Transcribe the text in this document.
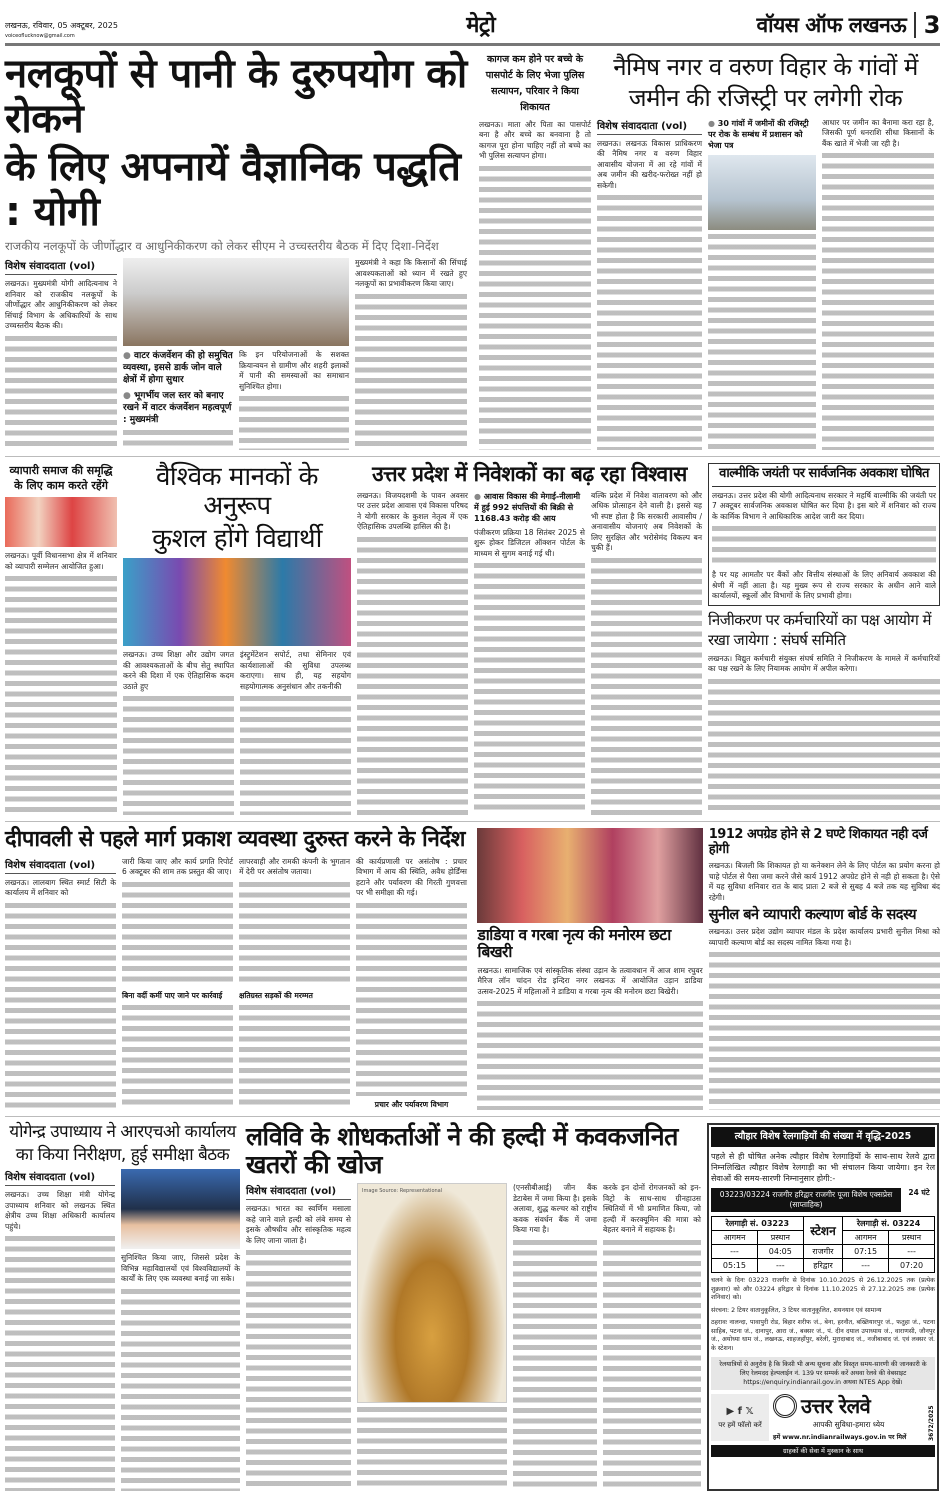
लखनऊ, रविवार, 05 अक्टूबर, 2025
voiceoflucknow@gmail.com	मेट्रो	वॉयस ऑफ लखनऊ 3
नलकूपों से पानी के दुरुपयोग को रोकने
के लिए अपनायें वैज्ञानिक पद्धति : योगी
राजकीय नलकूपों के जीर्णोद्धार व आधुनिकीकरण को लेकर सीएम ने उच्चस्तरीय बैठक में दिए दिशा-निर्देश
विशेष संवाददाता (vol)
लखनऊ। मुख्यमंत्री योगी आदित्यनाथ ने शनिवार को राजकीय नलकूपों के जीर्णोद्धार और आधुनिकीकरण को लेकर सिंचाई विभाग के अधिकारियों के साथ उच्चस्तरीय बैठक की।
● वाटर कंजर्वेशन की हो समुचित व्यवस्था, इससे डार्क जोन वाले क्षेत्रों में होगा सुधार
● भूगर्भीय जल स्तर को बनाए रखने में वाटर कंजर्वेशन महत्वपूर्ण : मुख्यमंत्री
कि इन परियोजनाओं के सशक्त क्रियान्वयन से ग्रामीण और शहरी इलाकों में पानी की समस्याओं का समाधान सुनिश्चित होगा।
मुख्यमंत्री ने कहा कि किसानों की सिंचाई आवश्यकताओं को ध्यान में रखते हुए नलकूपों का प्रभावीकरण किया जाए।
कागज कम होने पर बच्चे के पासपोर्ट के लिए भेजा पुलिस सत्यापन, परिवार ने किया शिकायत
लखनऊ। माता और पिता का पासपोर्ट बना है और बच्चे का बनवाना है तो कागज पूरा होना चाहिए नहीं तो बच्चे का भी पुलिस सत्यापन होगा।
नैमिष नगर व वरुण विहार के गांवों में जमीन की रजिस्ट्री पर लगेगी रोक
विशेष संवाददाता (vol)
लखनऊ। लखनऊ विकास प्राधिकरण की नैमिष नगर व वरुण विहार आवासीय योजना में आ रहे गांवों में अब जमीन की खरीद-फरोख्त नहीं हो सकेगी।
● 30 गांवों में जमीनों की रजिस्ट्री पर रोक के सम्बंध में प्रशासन को भेजा पत्र
आधार पर जमीन का बैनामा करा रहा है, जिसकी पूर्ण धनराशि सीधा किसानों के बैंक खाते में भेजी जा रही है।
व्यापारी समाज की समृद्धि के लिए काम करते रहेंगे
लखनऊ। पूर्वी विधानसभा क्षेत्र में शनिवार को व्यापारी सम्मेलन आयोजित हुआ।
वैश्विक मानकों के अनुरूप
कुशल होंगे विद्यार्थी
लखनऊ। उच्च शिक्षा और उद्योग जगत की आवश्यकताओं के बीच सेतु स्थापित करने की दिशा में एक ऐतिहासिक कदम उठाते हुए
इंस्ट्रुमेंटेशन सपोर्ट, तथा सेमिनार एवं कार्यशालाओं की सुविधा उपलब्ध कराएगा। साथ ही, यह सहयोग सहयोगात्मक अनुसंधान और तकनीकी
उत्तर प्रदेश में निवेशकों का बढ़ रहा विश्वास
लखनऊ। विजयदशमी के पावन अवसर पर उत्तर प्रदेश आवास एवं विकास परिषद ने योगी सरकार के कुशल नेतृत्व में एक ऐतिहासिक उपलब्धि हासिल की है।
● आवास विकास की मेगाई-नीलामी में हुई 992 संपत्तियों की बिक्री से 1168.43 करोड़ की आय
पंजीकरण प्रक्रिया 18 सितंबर 2025 से शुरू होकर डिजिटल ऑक्शन पोर्टल के माध्यम से सुगम बनाई गई थी।
बल्कि प्रदेश में निवेश वातावरण को और अधिक प्रोत्साहन देने वाली है। इससे यह भी स्पष्ट होता है कि सरकारी आवासीय / अनावासीय योजनाएं अब निवेशकों के लिए सुरक्षित और भरोसेमंद विकल्प बन चुकी हैं।
वाल्मीकि जयंती पर सार्वजनिक अवकाश घोषित
लखनऊ। उत्तर प्रदेश की योगी आदित्यनाथ सरकार ने महर्षि वाल्मीकि की जयंती पर 7 अक्टूबर सार्वजनिक अवकाश घोषित कर दिया है। इस बारे में शनिवार को राज्य के कार्मिक विभाग ने आधिकारिक आदेश जारी कर दिया।
है पर यह आमतौर पर बैंकों और वित्तीय संस्थाओं के लिए अनिवार्य अवकाश की श्रेणी में नहीं आता है। यह मुख्य रूप से राज्य सरकार के अधीन आने वाले कार्यालयों, स्कूलों और विभागों के लिए प्रभावी होगा।
निजीकरण पर कर्मचारियों का पक्ष आयोग में रखा जायेगा : संघर्ष समिति
लखनऊ। विद्युत कर्मचारी संयुक्त संघर्ष समिति ने निजीकरण के मामले में कर्मचारियों का पक्ष रखने के लिए नियामक आयोग में अपील करेगा।
दीपावली से पहले मार्ग प्रकाश व्यवस्था दुरुस्त करने के निर्देश
विशेष संवाददाता (vol)
लखनऊ। लालबाग स्थित स्मार्ट सिटी के कार्यालय में शनिवार को
जारी किया जाए और कार्य प्रगति रिपोर्ट 6 अक्टूबर की शाम तक प्रस्तुत की जाए।
बिना वर्दी कर्मी पाए जाने पर कार्रवाई
लापरवाही और रामकी कंपनी के भुगतान में देरी पर असंतोष जताया।
क्षतिग्रस्त सड़कों की मरम्मत
की कार्यप्रणाली पर असंतोष : प्रचार विभाग में आय की स्थिति, अवैध होर्डिंग्स हटाने और पर्यावरण की गिरती गुणवत्ता पर भी समीक्षा की गई।
प्रचार और पर्यावरण विभाग
डाडिया व गरबा नृत्य की मनोरम छटा बिखरी
लखनऊ। सामाजिक एवं सांस्कृतिक संस्था उड़ान के तत्वावधान में आज शाम रघुवर मैरिज लॉन चांदन रोड इन्दिरा नगर लखनऊ में आयोजित उड़ान डाडिया उत्सव-2025 में महिलाओं ने डाडिया व गरबा नृत्य की मनोरम छटा बिखेरी।
1912 अपग्रेड होने से 2 घण्टे शिकायत नही दर्ज होगी
लखनऊ। बिजली कि शिकायत हो या कनेक्शन लेने के लिए पोर्टल का प्रयोग करना हो चाहे पोर्टल से पैसा जमा करने जैसे कार्य 1912 अपग्रेट होने से नही हो सकता है। ऐसे में यह सुविधा शनिवार रात के बाद प्रातः 2 बजे से सुबह 4 बजे तक यह सुविधा बंद रहेगी।
सुनील बने व्यापारी कल्याण बोर्ड के सदस्य
लखनऊ। उत्तर प्रदेश उद्योग व्यापार मंडल के प्रदेश कार्यालय प्रभारी सुनील मिश्रा को व्यापारी कल्याण बोर्ड का सदस्य नामित किया गया है।
योगेन्द्र उपाध्याय ने आरएचओ कार्यालय
का किया निरीक्षण, हुई समीक्षा बैठक
विशेष संवाददाता (vol)
लखनऊ। उच्च शिक्षा मंत्री योगेन्द्र उपाध्याय शनिवार को लखनऊ स्थित क्षेत्रीय उच्च शिक्षा अधिकारी कार्यालय पहुंचे।
सुनिश्चित किया जाए, जिससे प्रदेश के विभिन्न महाविद्यालयों एवं विश्वविद्यालयों के कार्यों के लिए एक व्यवस्था बनाई जा सके।
लविवि के शोधकर्ताओं ने की हल्दी में कवकजनित खतरों की खोज
विशेष संवाददाता (vol)
लखनऊ। भारत का स्वर्णिम मसाला कहे जाने वाले हल्दी को लंबे समय से इसके औषधीय और सांस्कृतिक महत्व के लिए जाना जाता है।
Image Source: Representational	(एनसीबीआई) जीन बैंक डेटाबेस में जमा किया है। इसके अलावा, शुद्ध कल्चर को राष्ट्रीय कवक संवर्धन बैंक में जमा किया गया है।
करके इन दोनों रोगजनकों को इन-विट्रो के साथ-साथ ग्रीनहाउस स्थितियों में भी प्रमाणित किया, जो हल्दी में करक्यूमिन की मात्रा को बेहतर बनाने में सहायक है।
त्यौहार विशेष रेलगाड़ियों की संख्या में वृद्धि-2025
पहले से ही घोषित अनेक त्यौहार विशेष रेलगाड़ियों के साथ-साथ रेलवे द्वारा निम्नलिखित त्यौहार विशेष रेलगाड़ी का भी संचालन किया जायेगा। इन रेल सेवाओं की समय-सारणी निम्नानुसार होगी:-
03223/03224 राजगीर हरिद्वार राजगीर पूजा विशेष एक्सप्रेस (साप्ताहिक)
24 घंटे
रेलगाड़ी सं. 03223		स्टेशन	रेलगाड़ी सं. 03224	
आगमन	प्रस्थान		आगमन	प्रस्थान
---	04:05	राजगीर	07:15	---
05:15	---	हरिद्वार	---	07:20
चलने के दिनः 03223 राजगीर से दिनांक 10.10.2025 से 26.12.2025 तक (प्रत्येक शुक्रवार) को और 03224 हरिद्वार से दिनांक 11.10.2025 से 27.12.2025 तक (प्रत्येक शनिवार) को।
संरचना: 2 टियर वातानुकूलित, 3 टियर वातानुकूलित, शयनयान एवं सामान्य
ठहरावः नालन्दा, पावापुरी रोड, बिहार शरीफ जं., बेना, हरनौत, बख्तियारपुर जं., फतुहा जं., पटना साहिब, पटना जं., दानापुर, आरा जं., बक्सर जं., पं. दीन दयाल उपाध्याय जं., वाराणसी, जौनपुर जं., अयोध्या धाम जं., लखनऊ, शाहजहाँपुर, बरेली, मुरादाबाद जं., नजीबाबाद जं. एवं लक्सर जं. के स्टेशन।
रेलयात्रियों से अनुरोध है कि किसी भी अन्य सूचना और विस्तृत समय-सारणी की जानकारी के लिए रेलमदद हेल्पलाईन नं. 139 पर सम्पर्क करें अथवा रेलवे की वेबसाइट https://enquiry.indianrail.gov.in अथवा NTES App देखें।
▶ f 𝕏
पर हमें फॉलो करें
उत्तर रेलवे
आपकी सुविधा-हमारा ध्येय
हमें www.nr.indianrailways.gov.in पर मिलें	3672/2025
ग्राहकों की सेवा में मुस्कान के साथ
